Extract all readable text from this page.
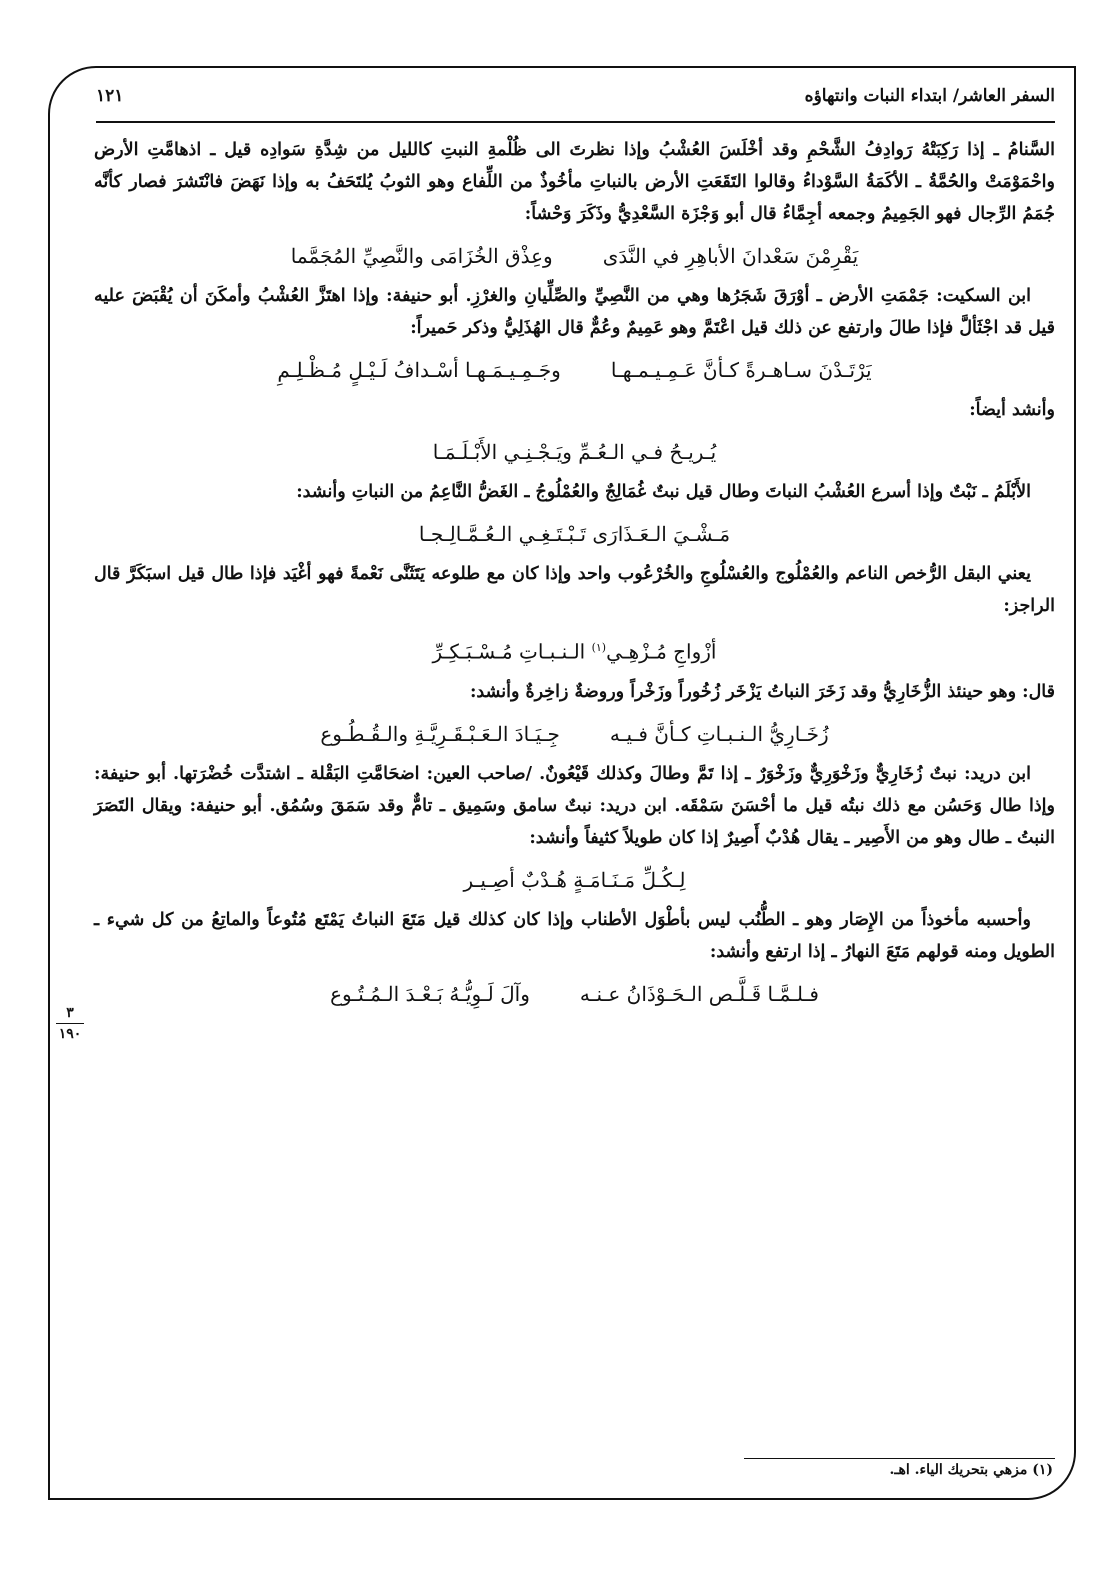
السفر العاشر/ ابتداء النبات وانتهاؤه
١٢١

السَّنامُ ـ إذا رَكِبَتْهُ رَوادِفُ الشَّحْمِ وقد أخْلَسَ العُشْبُ وإذا نظرتَ الى ظُلْمةِ النبتِ كالليل من شِدَّةِ سَوادِه قيل ـ اذهامَّتِ الأرض واحْمَوْمَتْ والحُمَّةُ ـ الأكَمَةُ السَّوْداءُ وقالوا التَقَعَتِ الأرض بالنباتِ مأخُوذٌ من اللِّفاع وهو الثوبُ يُلتَحَفُ به وإذا نَهَضَ فانْتَشرَ فصار كأنَّه جُمَمُ الرِّجال فهو الجَمِيمُ وجمعه أجِمَّاءُ قال أبو وَجْزَة السَّعْدِيُّ وذَكَرَ وَحْشاً:

يَقْرِمْنَ سَعْدانَ الأباهِرِ في النَّدَى
وعِذْق الخُزَامَى والنَّصِيِّ المُجَمَّما

ابن السكيت: جَمْمَتِ الأرض ـ أوْرَقَ شَجَرُها وهي من النَّصِيِّ والصِّلِّيانِ والغرْزِ. أبو حنيفة: وإذا اهتَزَّ العُشْبُ وأمكَنَ أن يُقْبَضَ عليه قيل قد اجْثَألَّ فإذا طالَ وارتفع عن ذلك قيل اعْتَمَّ وهو عَمِيمٌ وعُمٌّ قال الهُذَلِيُّ وذكر حَميراً:

يَرْتَـدْنَ سـاهـرةً كـأنَّ عَـمِـيـمـهـا
وجَـمِـيـمَـهـا أسْـدافُ لَـيْـلٍ مُـظْـلِـمِ

وأنشد أيضاً:

يُـريـحُ فـي الـعُـمِّ ويَـجْـنِـي الأَبْـلَـمَـا

الأَبْلَمُ ـ نَبْتٌ وإذا أسرع العُشْبُ النباتَ وطال قيل نبتٌ غُمَالِجٌ والعُمْلُوجُ ـ الغَضُّ النَّاعِمُ من النباتِ وأنشد:

مَـشْـيَ الـعَـذَارَى تَـبْـتَـغِـي الـعُـمَّـالِـجـا

يعني البقل الرُّخص الناعم والعُمْلُوج والعُسْلُوجِ والخُرْعُوب واحد وإذا كان مع طلوعه يَتَثَنَّى نَعْمةً فهو أغْيَد فإذا طال قيل اسبَكَرَّ قال الراجز:

أزْواجِ مُـزْهِـي$^{(١)}$ الـنـبـاتِ مُـسْـبَـكِـرِّ

قال: وهو حينئذ الزُّخَارِيُّ وقد زَخَرَ النباتُ يَزْخَر زُخُوراً وزَخْراً وروضةٌ زاخِرةٌ وأنشد:

زُخَـارِيُّ الـنـبـاتِ كـأنَّ فـيـه
جِـيَـادَ الـعَـبْـقَـرِيَّـةِ والـقُـطُـوع

ابن دريد: نبتٌ زُخَارِيٌّ وزَخْوَرِيٌّ وزَخْوَرٌ ـ إذا تَمَّ وطالَ وكذلك قَيْعُونٌ. /صاحب العين: اضحَامَّتِ البَقْلة ـ اشتدَّت خُضْرَتها. أبو حنيفة: وإذا طال وَحَسُن مع ذلك نبتُه قيل ما أحْسَنَ سَمْقَه. ابن دريد: نبتٌ سامق وسَمِيق ـ تامٌّ وقد سَمَقَ وسُمُق. أبو حنيفة: ويقال التَصَرَ النبتُ ـ طال وهو من الأَصِير ـ يقال هُدْبٌ أَصِيرٌ إذا كان طويلاً كثيفاً وأنشد:

لِـكُـلِّ مَـنَـامَـةٍ هُـدْبٌ أصِـيـر

وأحسبه مأخوذاً من الإِصَار وهو ـ الطُّنُب ليس بأطْوَل الأطناب وإذا كان كذلك قيل مَتَعَ النباتُ يَمْتَع مُتُوعاً والماتِعُ من كل شيء ـ الطويل ومنه قولهم مَتَعَ النهارُ ـ إذا ارتفع وأنشد:

فـلـمَّـا قَـلَّـص الـحَـوْذَانُ عـنـه
وآلَ لَـوِيُّـهُ بَـعْـدَ الـمُـتُـوع
٣
١٩٠
(١) مزهي بتحريك الياء. اهـ.
